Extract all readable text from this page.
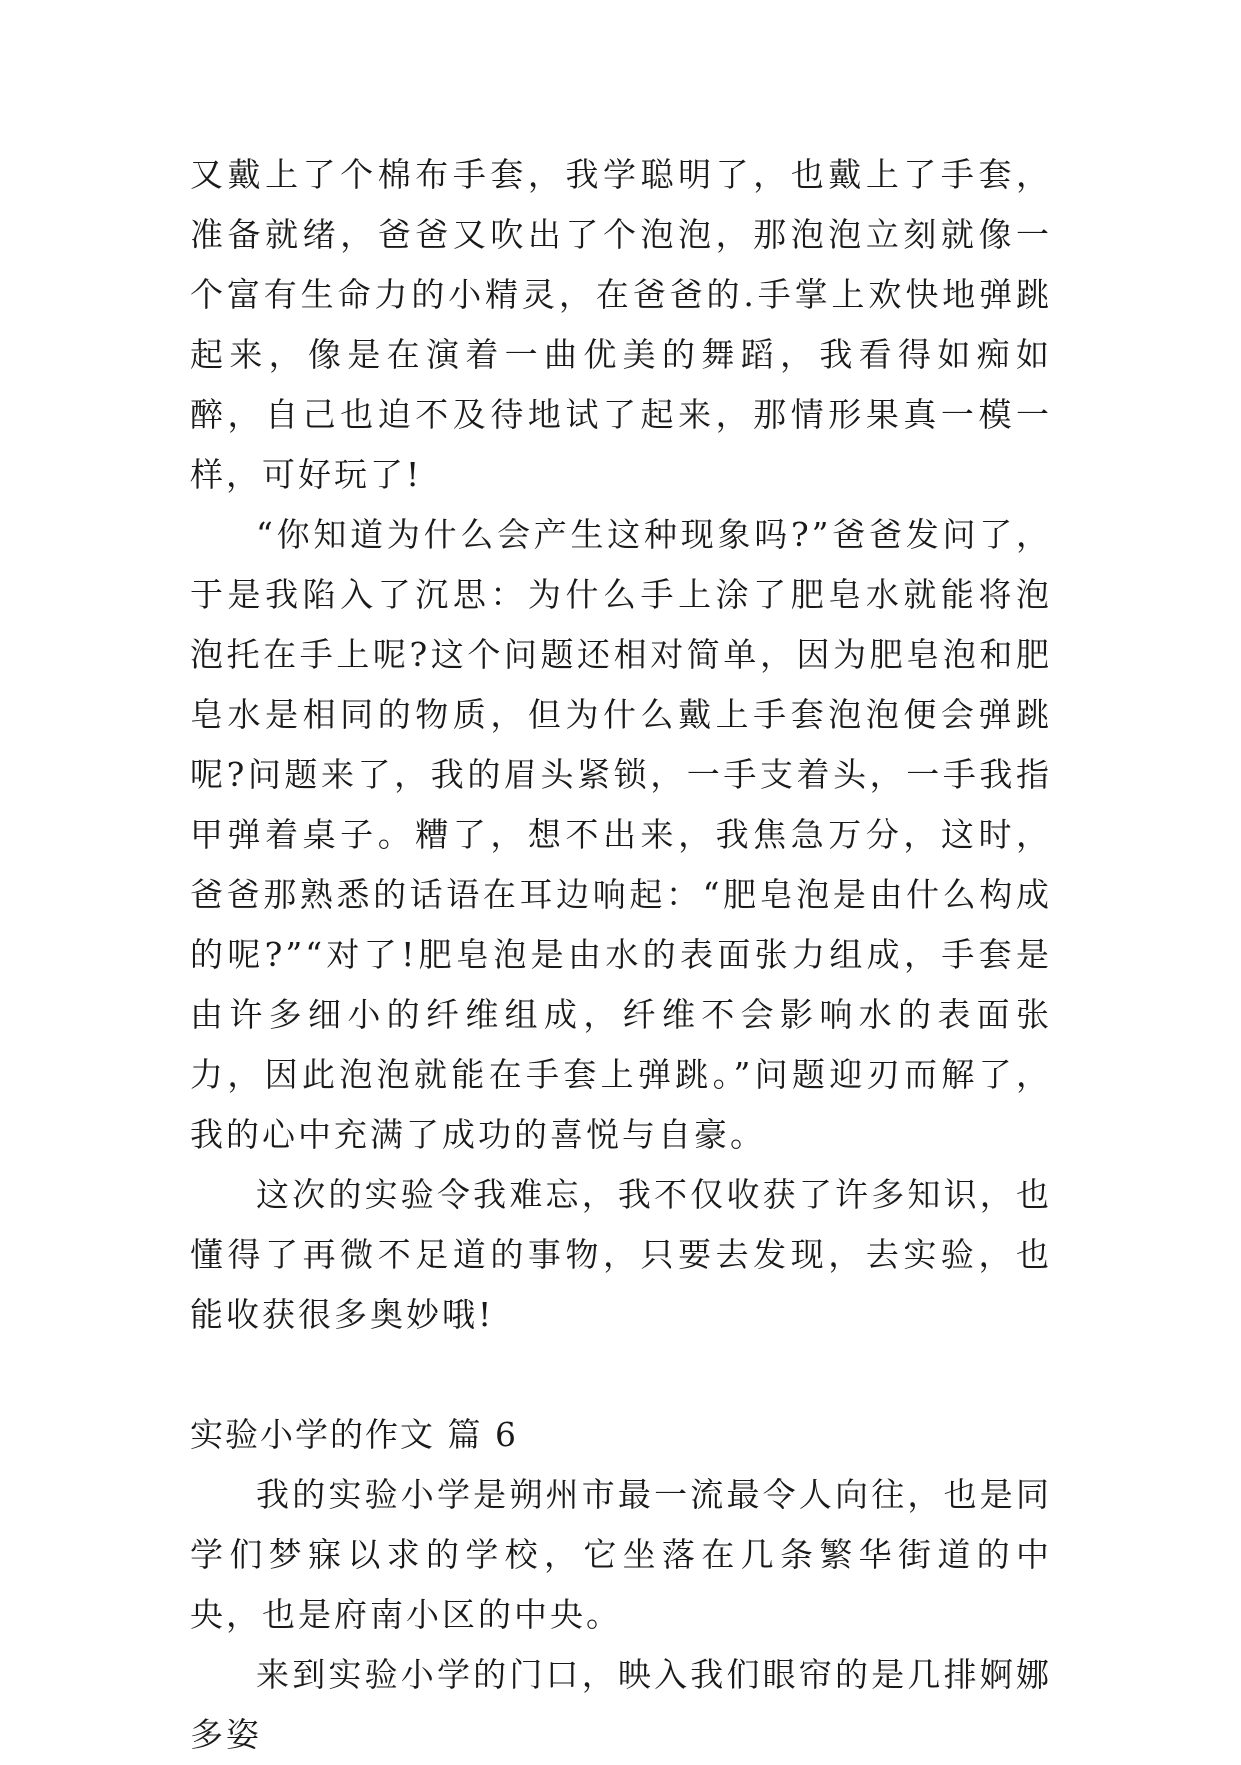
又戴上了个棉布手套，我学聪明了，也戴上了手套，准备就绪，爸爸又吹出了个泡泡，那泡泡立刻就像一个富有生命力的小精灵，在爸爸的.手掌上欢快地弹跳起来，像是在演着一曲优美的舞蹈，我看得如痴如醉，自己也迫不及待地试了起来，那情形果真一模一样，可好玩了!

“你知道为什么会产生这种现象吗?”爸爸发问了，于是我陷入了沉思：为什么手上涂了肥皂水就能将泡泡托在手上呢?这个问题还相对简单，因为肥皂泡和肥皂水是相同的物质，但为什么戴上手套泡泡便会弹跳呢?问题来了，我的眉头紧锁，一手支着头，一手我指甲弹着桌子。糟了，想不出来，我焦急万分，这时，爸爸那熟悉的话语在耳边响起：“肥皂泡是由什么构成的呢?”“对了!肥皂泡是由水的表面张力组成，手套是由许多细小的纤维组成，纤维不会影响水的表面张力，因此泡泡就能在手套上弹跳。”问题迎刃而解了，我的心中充满了成功的喜悦与自豪。

这次的实验令我难忘，我不仅收获了许多知识，也懂得了再微不足道的事物，只要去发现，去实验，也能收获很多奥妙哦!

实验小学的作文 篇 6

我的实验小学是朔州市最一流最令人向往，也是同学们梦寐以求的学校，它坐落在几条繁华街道的中央，也是府南小区的中央。

来到实验小学的门口，映入我们眼帘的是几排婀娜多姿
